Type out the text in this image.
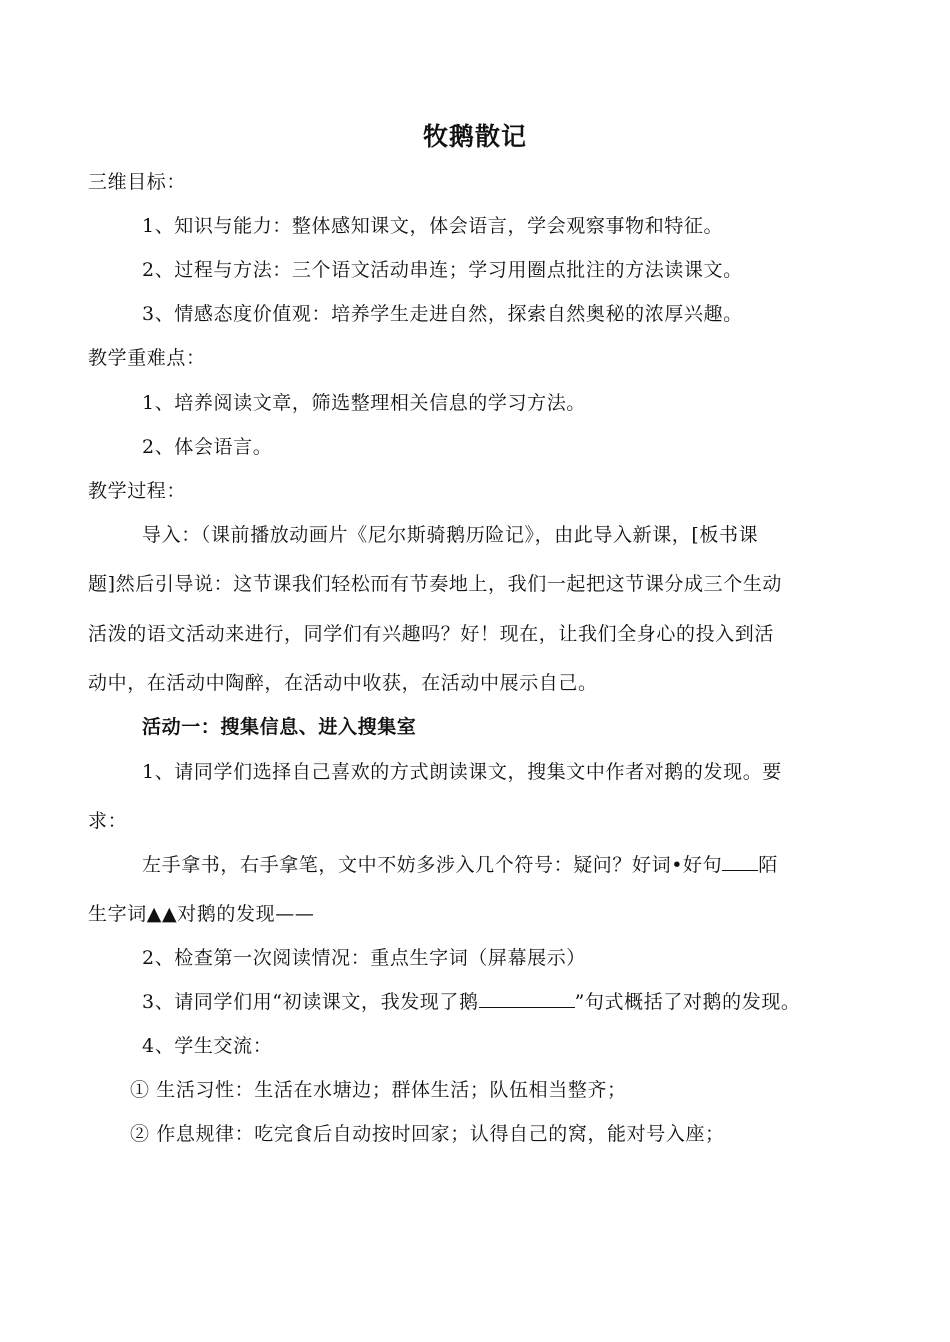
牧鹅散记
三维目标：
1、知识与能力：整体感知课文，体会语言，学会观察事物和特征。
2、过程与方法：三个语文活动串连；学习用圈点批注的方法读课文。
3、情感态度价值观：培养学生走进自然，探索自然奥秘的浓厚兴趣。
教学重难点：
1、培养阅读文章，筛选整理相关信息的学习方法。
2、体会语言。
教学过程：
导入：（课前播放动画片《尼尔斯骑鹅历险记》，由此导入新课，[板书课
题]然后引导说：这节课我们轻松而有节奏地上，我们一起把这节课分成三个生动
活泼的语文活动来进行，同学们有兴趣吗？好！现在，让我们全身心的投入到活
动中，在活动中陶醉，在活动中收获，在活动中展示自己。
活动一：搜集信息、进入搜集室
1、请同学们选择自己喜欢的方式朗读课文，搜集文中作者对鹅的发现。要
求：
左手拿书，右手拿笔，文中不妨多涉入几个符号：疑问？好词•好句 陌
生字词▲▲对鹅的发现——
2、检查第一次阅读情况：重点生字词（屏幕展示）
3、请同学们用“初读课文，我发现了鹅	”句式概括了对鹅的发现。
4、学生交流：
① 生活习性：生活在水塘边；群体生活；队伍相当整齐；
② 作息规律：吃完食后自动按时回家；认得自己的窝，能对号入座；
